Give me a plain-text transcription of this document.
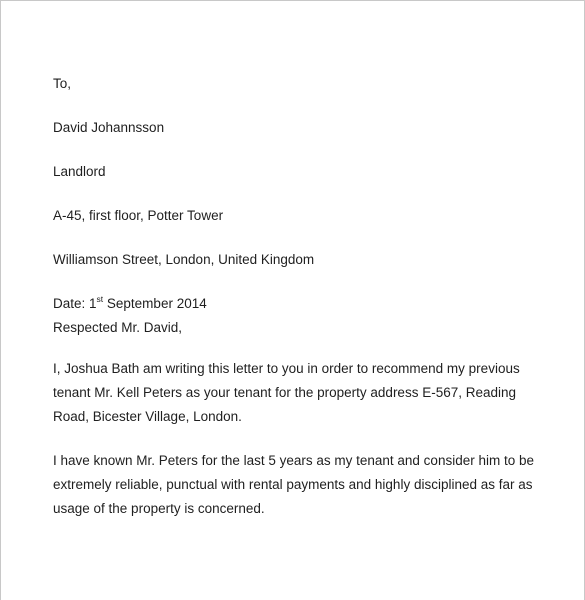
To,
David Johannsson
Landlord
A-45, first floor, Potter Tower
Williamson Street, London, United Kingdom
Date: 1st September 2014
Respected Mr. David,
I, Joshua Bath am writing this letter to you in order to recommend my previous tenant Mr. Kell Peters as your tenant for the property address E-567, Reading Road, Bicester Village, London.
I have known Mr. Peters for the last 5 years as my tenant and consider him to be extremely reliable, punctual with rental payments and highly disciplined as far as usage of the property is concerned.
